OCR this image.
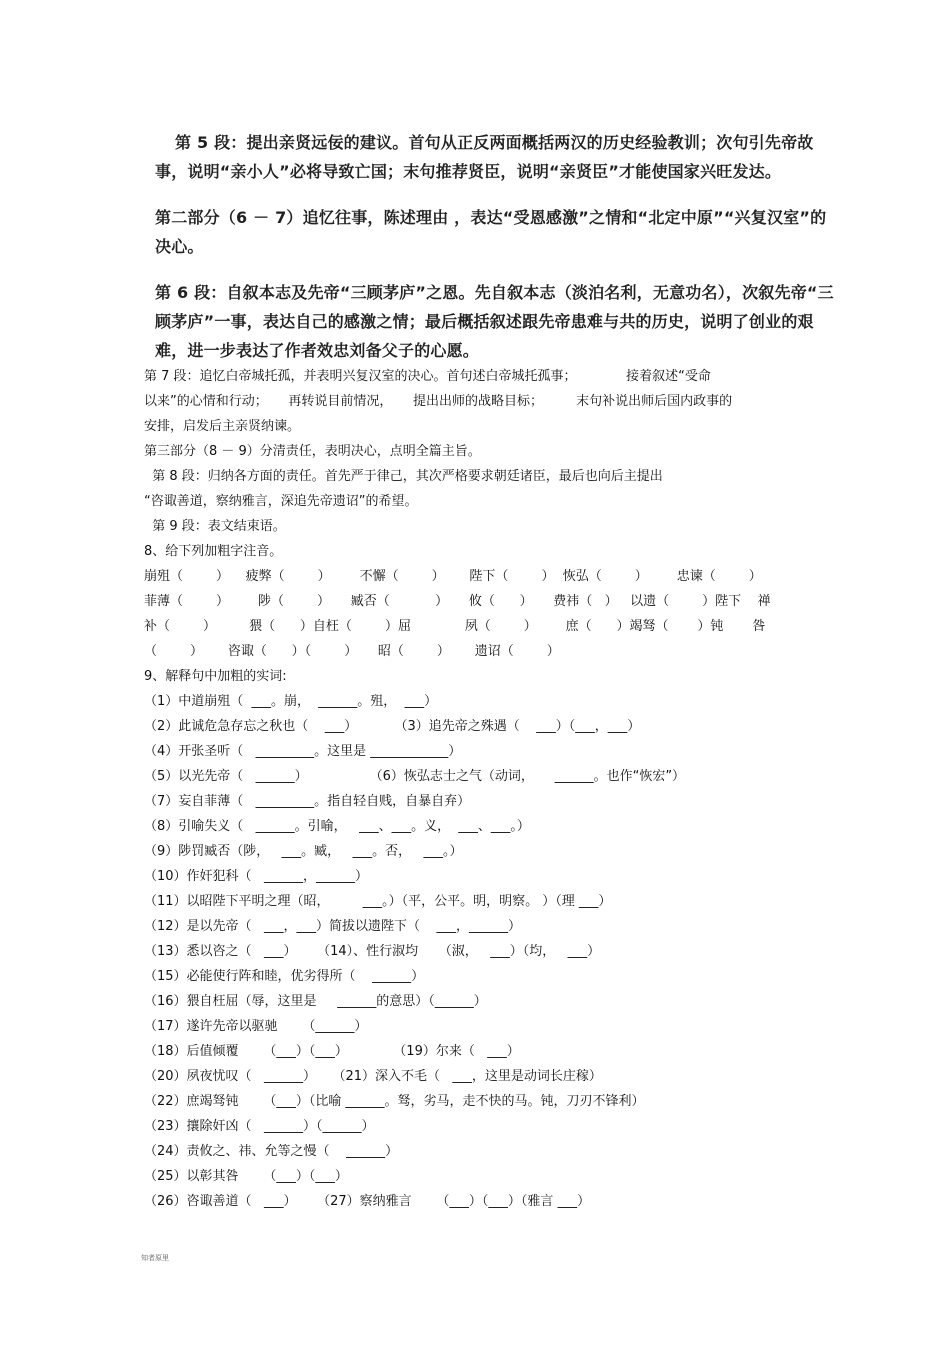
第 5 段：提出亲贤远佞的建议。首句从正反两面概括两汉的历史经验教训；次句引先帝故事，说明“亲小人”必将导致亡国；末句推荐贤臣，说明“亲贤臣”才能使国家兴旺发达。

第二部分（6 － 7）追忆往事，陈述理由 ，表达“受恩感激”之情和“北定中原”“兴复汉室”的决心。

第 6 段：自叙本志及先帝“三顾茅庐”之恩。先自叙本志（淡泊名利，无意功名），次叙先帝“三顾茅庐”一事，表达自己的感激之情；最后概括叙述跟先帝患难与共的历史，说明了创业的艰难，进一步表达了作者效忠刘备父子的心愿。

第 7 段：追忆白帝城托孤，并表明兴复汉室的决心。首句述白帝城托孤事；            接着叙述“受命
以来”的心情和行动；     再转说目前情况，     提出出师的战略目标；        末句补说出师后国内政事的
安排，启发后主亲贤纳谏。
第三部分（8 － 9）分清责任，表明决心，点明全篇主旨。
第 8 段：归纳各方面的责任。首先严于律己，其次严格要求朝廷诸臣，最后也向后主提出
“咨诹善道，察纳雅言，深追先帝遗诏”的希望。
第 9 段：表文结束语。
8、给下列加粗字注音。
崩殂（        ）    疲弊（        ）       不懈（        ）      陛下（        ）  恢弘（        ）       忠谏（        ）
菲薄（        ）       陟（        ）     臧否（           ）     攸（      ）     费祎（   ）   以遗（        ）陛下    禅
补（        ）        猥（      ）自枉（        ）屈             夙（        ）       庶（      ）竭驽（       ）钝       咎
（        ）      咨诹（      ）（        ）     昭（        ）      遗诏（        ）
9、解释句中加粗的实词:
（1）中道崩殂（  ___。崩，  ______。殂，  ___）
（2）此诚危急存忘之秋也（    ___）         （3）追先帝之殊遇（    ___）（___，___）
（4）开张圣听（   _________。这里是 ____________）
（5）以光先帝（   ______）               （6）恢弘志士之气（动词，     ______。也作“恢宏”）
（7）妄自菲薄（   _________。指自轻自贱，自暴自弃）
（8）引喻失义（   ______。引喻，   ___、___。义，  ___、___。）
（9）陟罚臧否（陟，   ___。臧，   ___。否，   ___。）
（10）作奸犯科（   ______，______）
（11）以昭陛下平明之理（昭，        ___。）（平，公平。明，明察。 ）（理 ___）
（12）是以先帝（   ___，___）简拔以遗陛下（    ___，______）
（13）悉以咨之（   ___）     （14）、性行淑均     （淑，   ___）（均，   ___）
（15）必能使行阵和睦，优劣得所（    ______）
（16）猥自枉屈（辱，这里是     ______的意思）（______）
（17）遂许先帝以驱驰      （______）
（18）后值倾覆      （___）（___）           （19）尔来（   ___）
（20）夙夜忧叹（   ______）    （21）深入不毛（   ___，这里是动词长庄稼）
（22）庶竭驽钝      （___）（比喻 ______。驽，劣马，走不快的马。钝，刀刃不锋利）
（23）攘除奸凶（   ______）（______）
（24）责攸之、祎、允等之慢（    ______）
（25）以彰其咎      （___）（___）
（26）咨诹善道（   ___）     （27）察纳雅言      （___）（___）（雅言 ___）
知者原里
